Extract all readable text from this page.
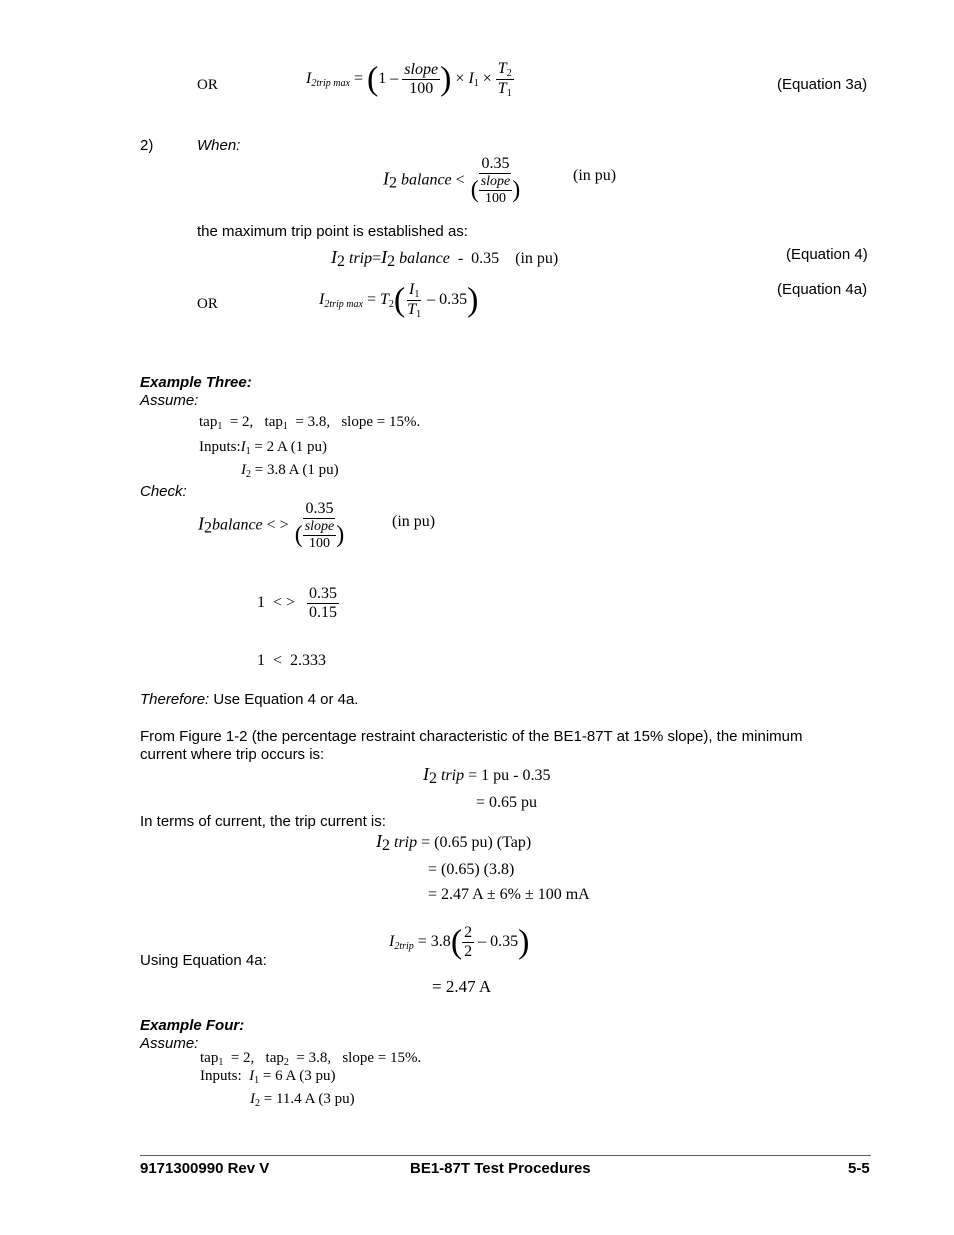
OR	$I_{2trip max} = (1 - \frac{\text{slope}}{100}$ ) × $I_1 \times \frac{T_2}{T_1}$	(Equation 3a)
2)	When:
I2 balance < $\frac{0.35}{( \frac{\text{slope}}{100} )}$	(in pu)
the maximum trip point is established as:
I2 trip=I2 balance - 0.35 (in pu)	(Equation 4)
OR	$I_{2trip max} = T_2( \frac{I_1}{T_1} - 0.35)$	(Equation 4a)
Example Three:
Assume:
tap$_1$ = 2, tap$_1$ = 3.8, slope = 15%.
$Inputs:I_1 = 2$ A (1 pu)
$I_2 = 3.8$ A (1 pu)
Check:
I2balance < > $\frac{0.35}{( \frac{\text{slope}}{100} )}$	(in pu)
1 < > $\frac{0.35}{0.15}$
1 < 2.333
Therefore: Use Equation 4 or 4a.
From Figure 1-2 (the percentage restraint characteristic of the BE1-87T at 15% slope), the minimum
current where trip occurs is:
I2 trip = 1 pu - 0.35
= 0.65 pu
In terms of current, the trip current is:
I2 trip = (0.65 pu) (Tap)
= (0.65) (3.8)
= 2.47 A ± 6% ± 100 mA
Using Equation 4a:
$I_{2trip} = 3.8( \frac{2}{2} - 0.35)$
= 2.47 A
Example Four:
Assume:
tap$_1$ = 2, tap$_2$ = 3.8, slope = 15%.
Inputs: $I_1 = 6$ A (3 pu)
$I_2 = 11.4$ A (3 pu)
9171300990 Rev V	BE1-87T Test Procedures	5-5
